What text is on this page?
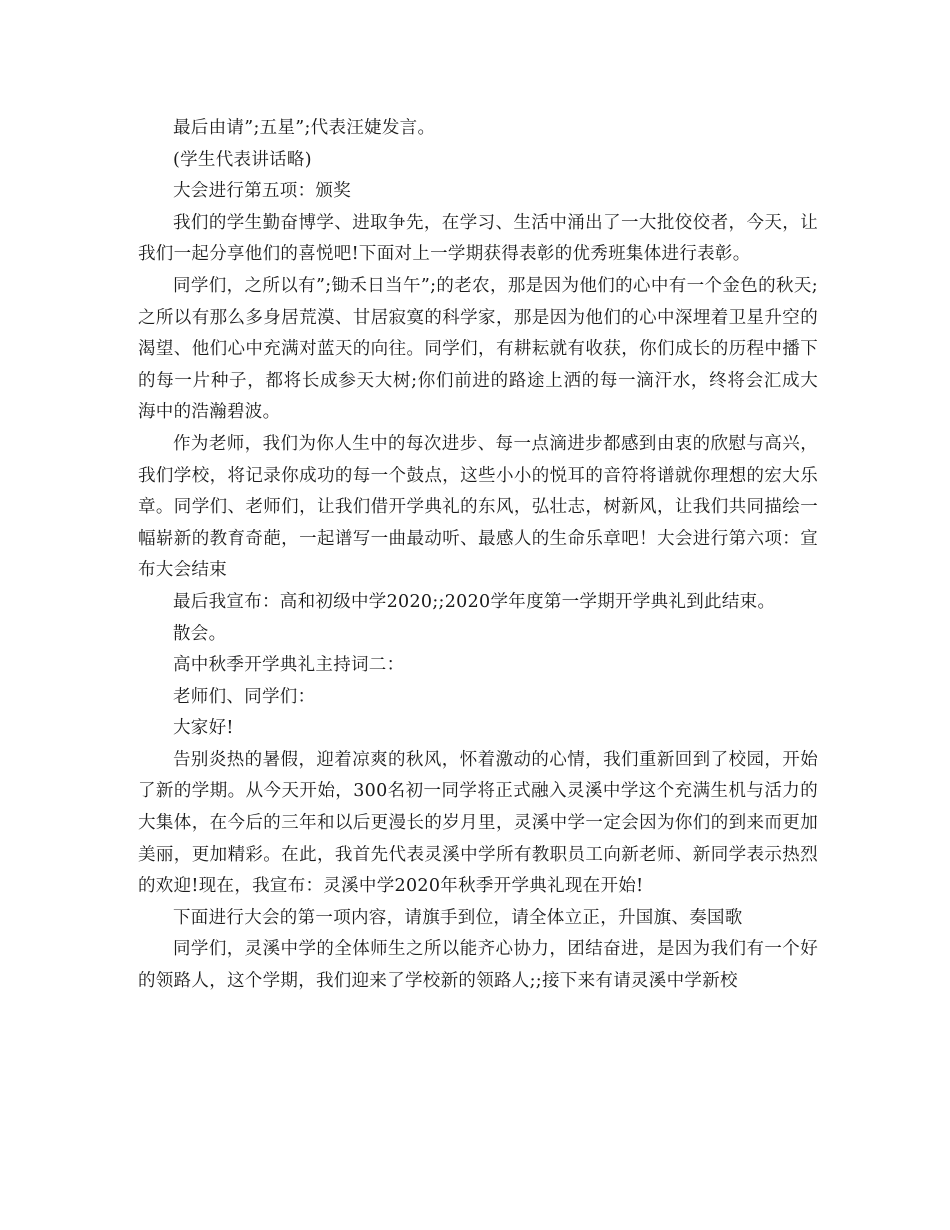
最后由请”;五星”;代表汪婕发言。

(学生代表讲话略)

大会进行第五项：颁奖

我们的学生勤奋博学、进取争先，在学习、生活中涌出了一大批佼佼者，今天，让我们一起分享他们的喜悦吧!下面对上一学期获得表彰的优秀班集体进行表彰。

同学们，之所以有”;锄禾日当午”;的老农，那是因为他们的心中有一个金色的秋天;之所以有那么多身居荒漠、甘居寂寞的科学家，那是因为他们的心中深埋着卫星升空的渴望、他们心中充满对蓝天的向往。同学们，有耕耘就有收获，你们成长的历程中播下的每一片种子，都将长成参天大树;你们前进的路途上洒的每一滴汗水，终将会汇成大海中的浩瀚碧波。

作为老师，我们为你人生中的每次进步、每一点滴进步都感到由衷的欣慰与高兴，我们学校，将记录你成功的每一个鼓点，这些小小的悦耳的音符将谱就你理想的宏大乐章。同学们、老师们，让我们借开学典礼的东风，弘壮志，树新风，让我们共同描绘一幅崭新的教育奇葩，一起谱写一曲最动听、最感人的生命乐章吧！大会进行第六项：宣布大会结束

最后我宣布：高和初级中学2020;;2020学年度第一学期开学典礼到此结束。

散会。

高中秋季开学典礼主持词二：

老师们、同学们：

大家好!

告别炎热的暑假，迎着凉爽的秋风，怀着激动的心情，我们重新回到了校园，开始了新的学期。从今天开始，300名初一同学将正式融入灵溪中学这个充满生机与活力的大集体，在今后的三年和以后更漫长的岁月里，灵溪中学一定会因为你们的到来而更加美丽，更加精彩。在此，我首先代表灵溪中学所有教职员工向新老师、新同学表示热烈的欢迎!现在，我宣布：灵溪中学2020年秋季开学典礼现在开始!

下面进行大会的第一项内容，请旗手到位，请全体立正，升国旗、奏国歌

同学们，灵溪中学的全体师生之所以能齐心协力，团结奋进，是因为我们有一个好的领路人，这个学期，我们迎来了学校新的领路人;;接下来有请灵溪中学新校
